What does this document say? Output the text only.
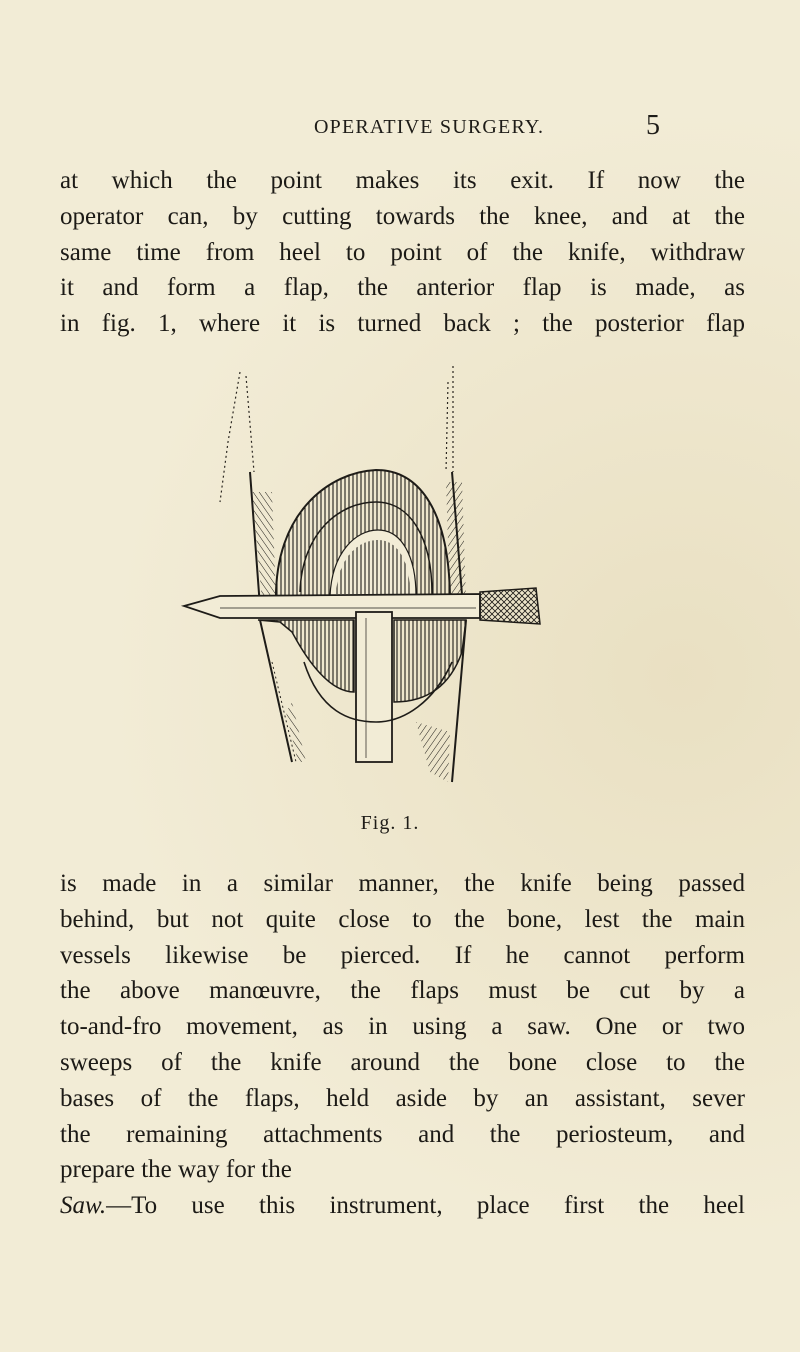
OPERATIVE SURGERY.	5
at which the point makes its exit. If now the
operator can, by cutting towards the knee, and at the
same time from heel to point of the knife, withdraw
it and form a flap, the anterior flap is made, as
in fig. 1, where it is turned back ; the posterior flap
Fig. 1.
is made in a similar manner, the knife being passed
behind, but not quite close to the bone, lest the main
vessels likewise be pierced. If he cannot perform
the above manœuvre, the flaps must be cut by a
to-and-fro movement, as in using a saw. One or two
sweeps of the knife around the bone close to the
bases of the flaps, held aside by an assistant, sever
the remaining attachments and the periosteum, and
prepare the way for the
Saw.—To use this instrument, place first the heel
